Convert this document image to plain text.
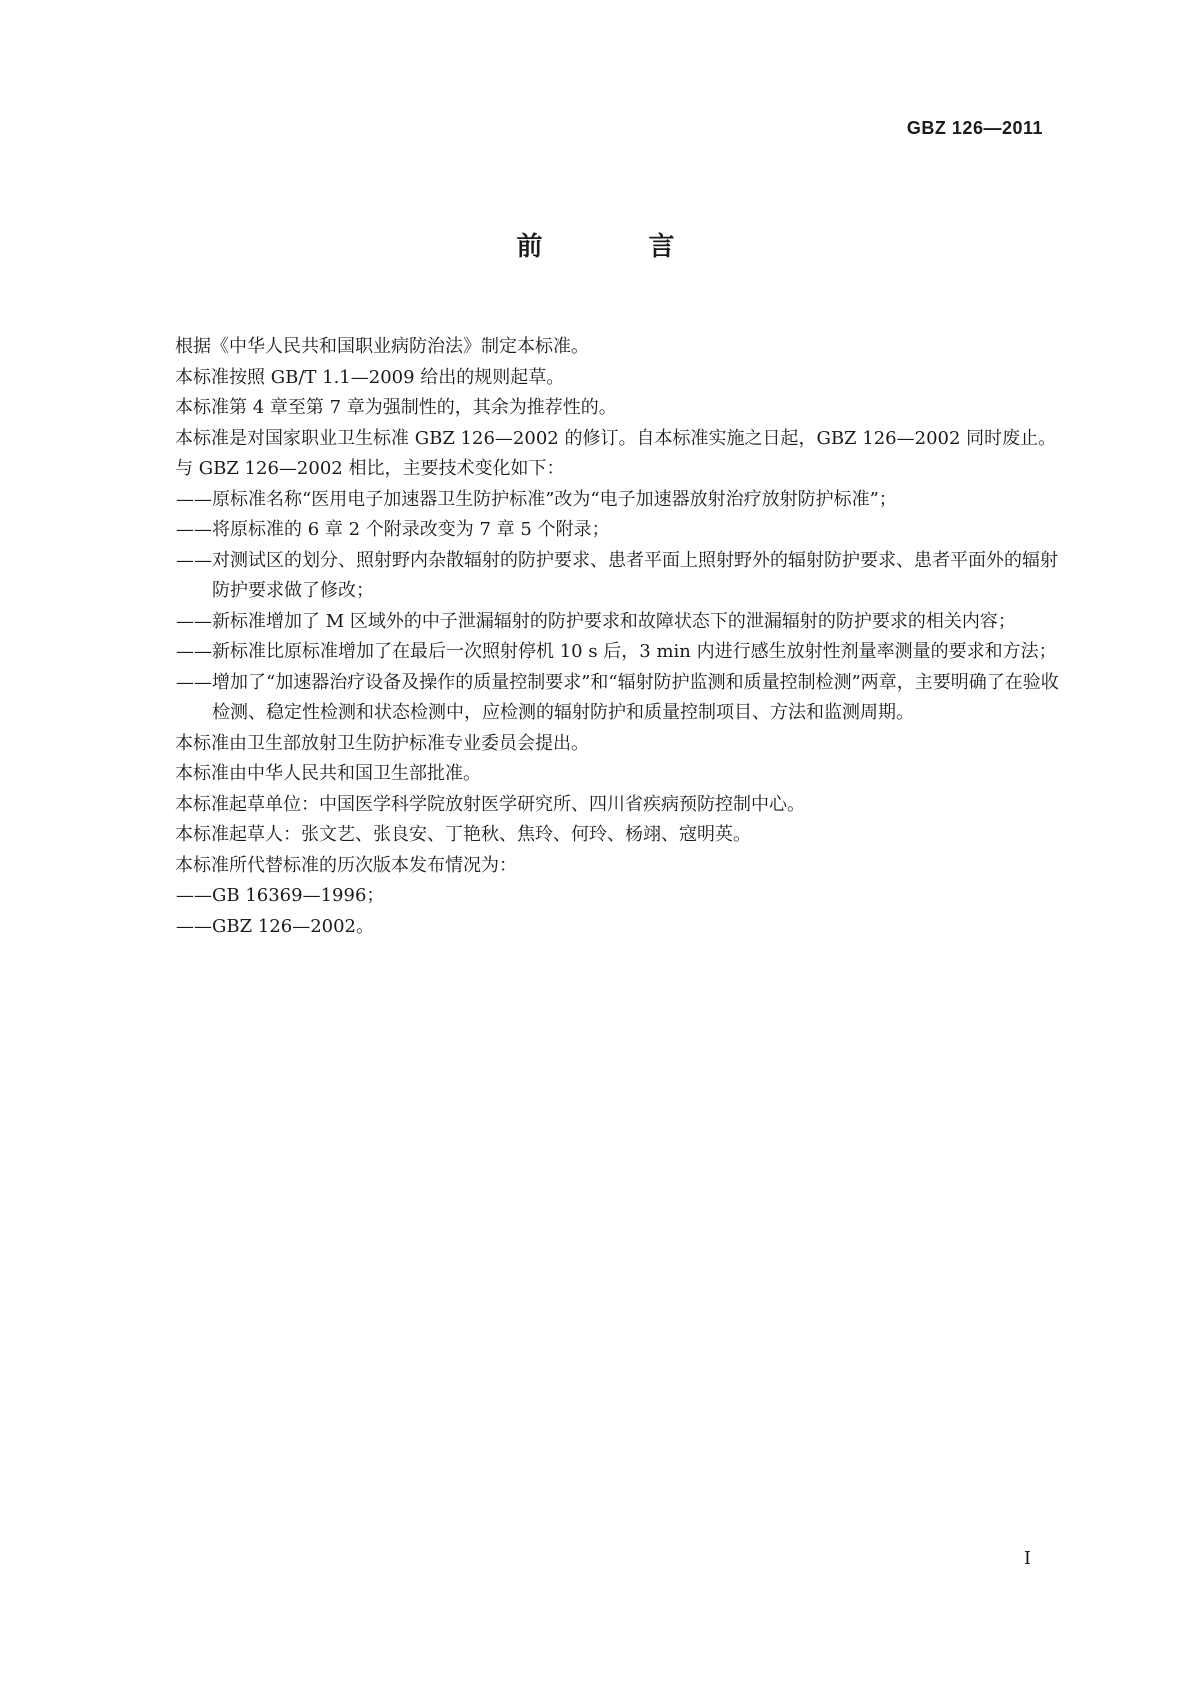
GBZ 126—2011
前　言

根据《中华人民共和国职业病防治法》制定本标准。

本标准按照 GB/T 1.1—2009 给出的规则起草。

本标准第 4 章至第 7 章为强制性的，其余为推荐性的。

本标准是对国家职业卫生标准 GBZ 126—2002 的修订。自本标准实施之日起，GBZ 126—2002 同时废止。

与 GBZ 126—2002 相比，主要技术变化如下：

——原标准名称“医用电子加速器卫生防护标准”改为“电子加速器放射治疗放射防护标准”；

——将原标准的 6 章 2 个附录改变为 7 章 5 个附录；

——对测试区的划分、照射野内杂散辐射的防护要求、患者平面上照射野外的辐射防护要求、患者平面外的辐射防护要求做了修改；

——新标准增加了 M 区域外的中子泄漏辐射的防护要求和故障状态下的泄漏辐射的防护要求的相关内容；

——新标准比原标准增加了在最后一次照射停机 10 s 后，3 min 内进行感生放射性剂量率测量的要求和方法；

——增加了“加速器治疗设备及操作的质量控制要求”和“辐射防护监测和质量控制检测”两章，主要明确了在验收检测、稳定性检测和状态检测中，应检测的辐射防护和质量控制项目、方法和监测周期。

本标准由卫生部放射卫生防护标准专业委员会提出。

本标准由中华人民共和国卫生部批准。

本标准起草单位：中国医学科学院放射医学研究所、四川省疾病预防控制中心。

本标准起草人：张文艺、张良安、丁艳秋、焦玲、何玲、杨翊、寇明英。

本标准所代替标准的历次版本发布情况为：

——GB 16369—1996；

——GBZ 126—2002。

I
